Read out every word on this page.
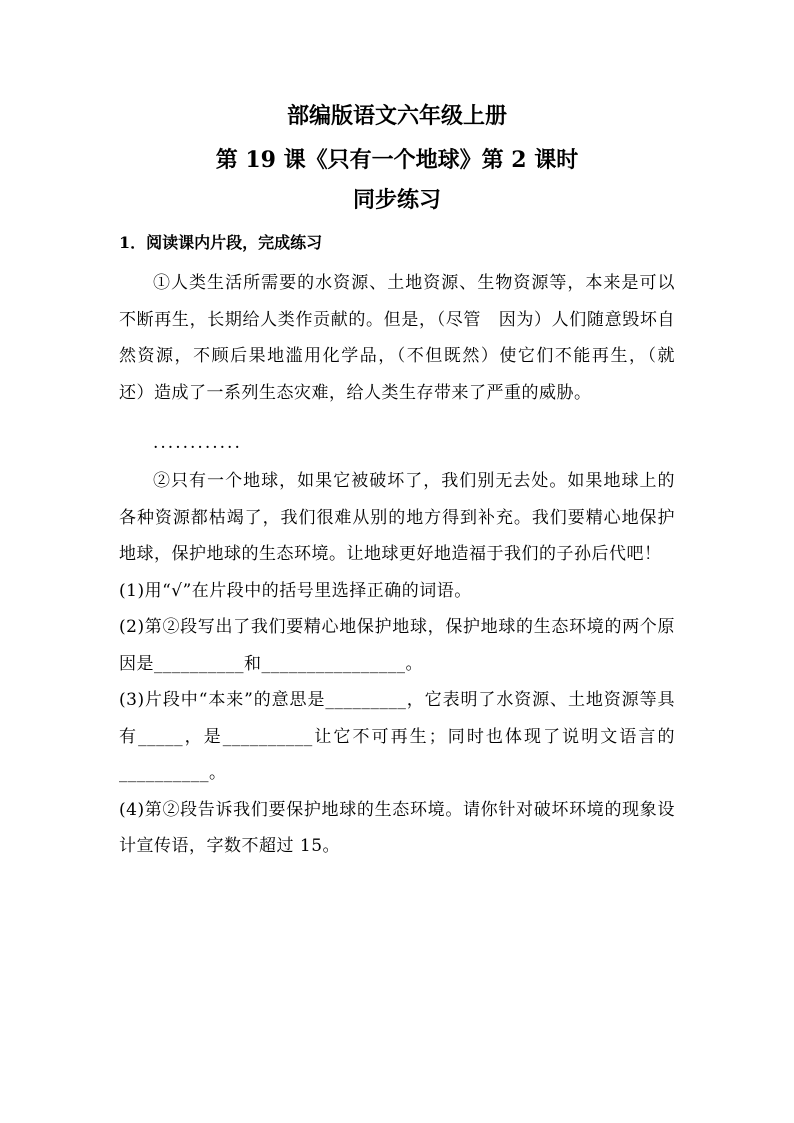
部编版语文六年级上册
第 19 课《只有一个地球》第 2 课时
同步练习

1．阅读课内片段，完成练习

①人类生活所需要的水资源、土地资源、生物资源等，本来是可以不断再生，长期给人类作贡献的。但是，（尽管　因为）人们随意毁坏自然资源，不顾后果地滥用化学品，（不但既然）使它们不能再生，（就　还）造成了一系列生态灾难，给人类生存带来了严重的威胁。

............

②只有一个地球，如果它被破坏了，我们别无去处。如果地球上的各种资源都枯竭了，我们很难从别的地方得到补充。我们要精心地保护地球，保护地球的生态环境。让地球更好地造福于我们的子孙后代吧！

(1)用“√”在片段中的括号里选择正确的词语。

(2)第②段写出了我们要精心地保护地球，保护地球的生态环境的两个原因是__________和________________。

(3)片段中“本来”的意思是_________，它表明了水资源、土地资源等具有_____，是__________让它不可再生；同时也体现了说明文语言的__________。

(4)第②段告诉我们要保护地球的生态环境。请你针对破坏环境的现象设计宣传语，字数不超过 15。
